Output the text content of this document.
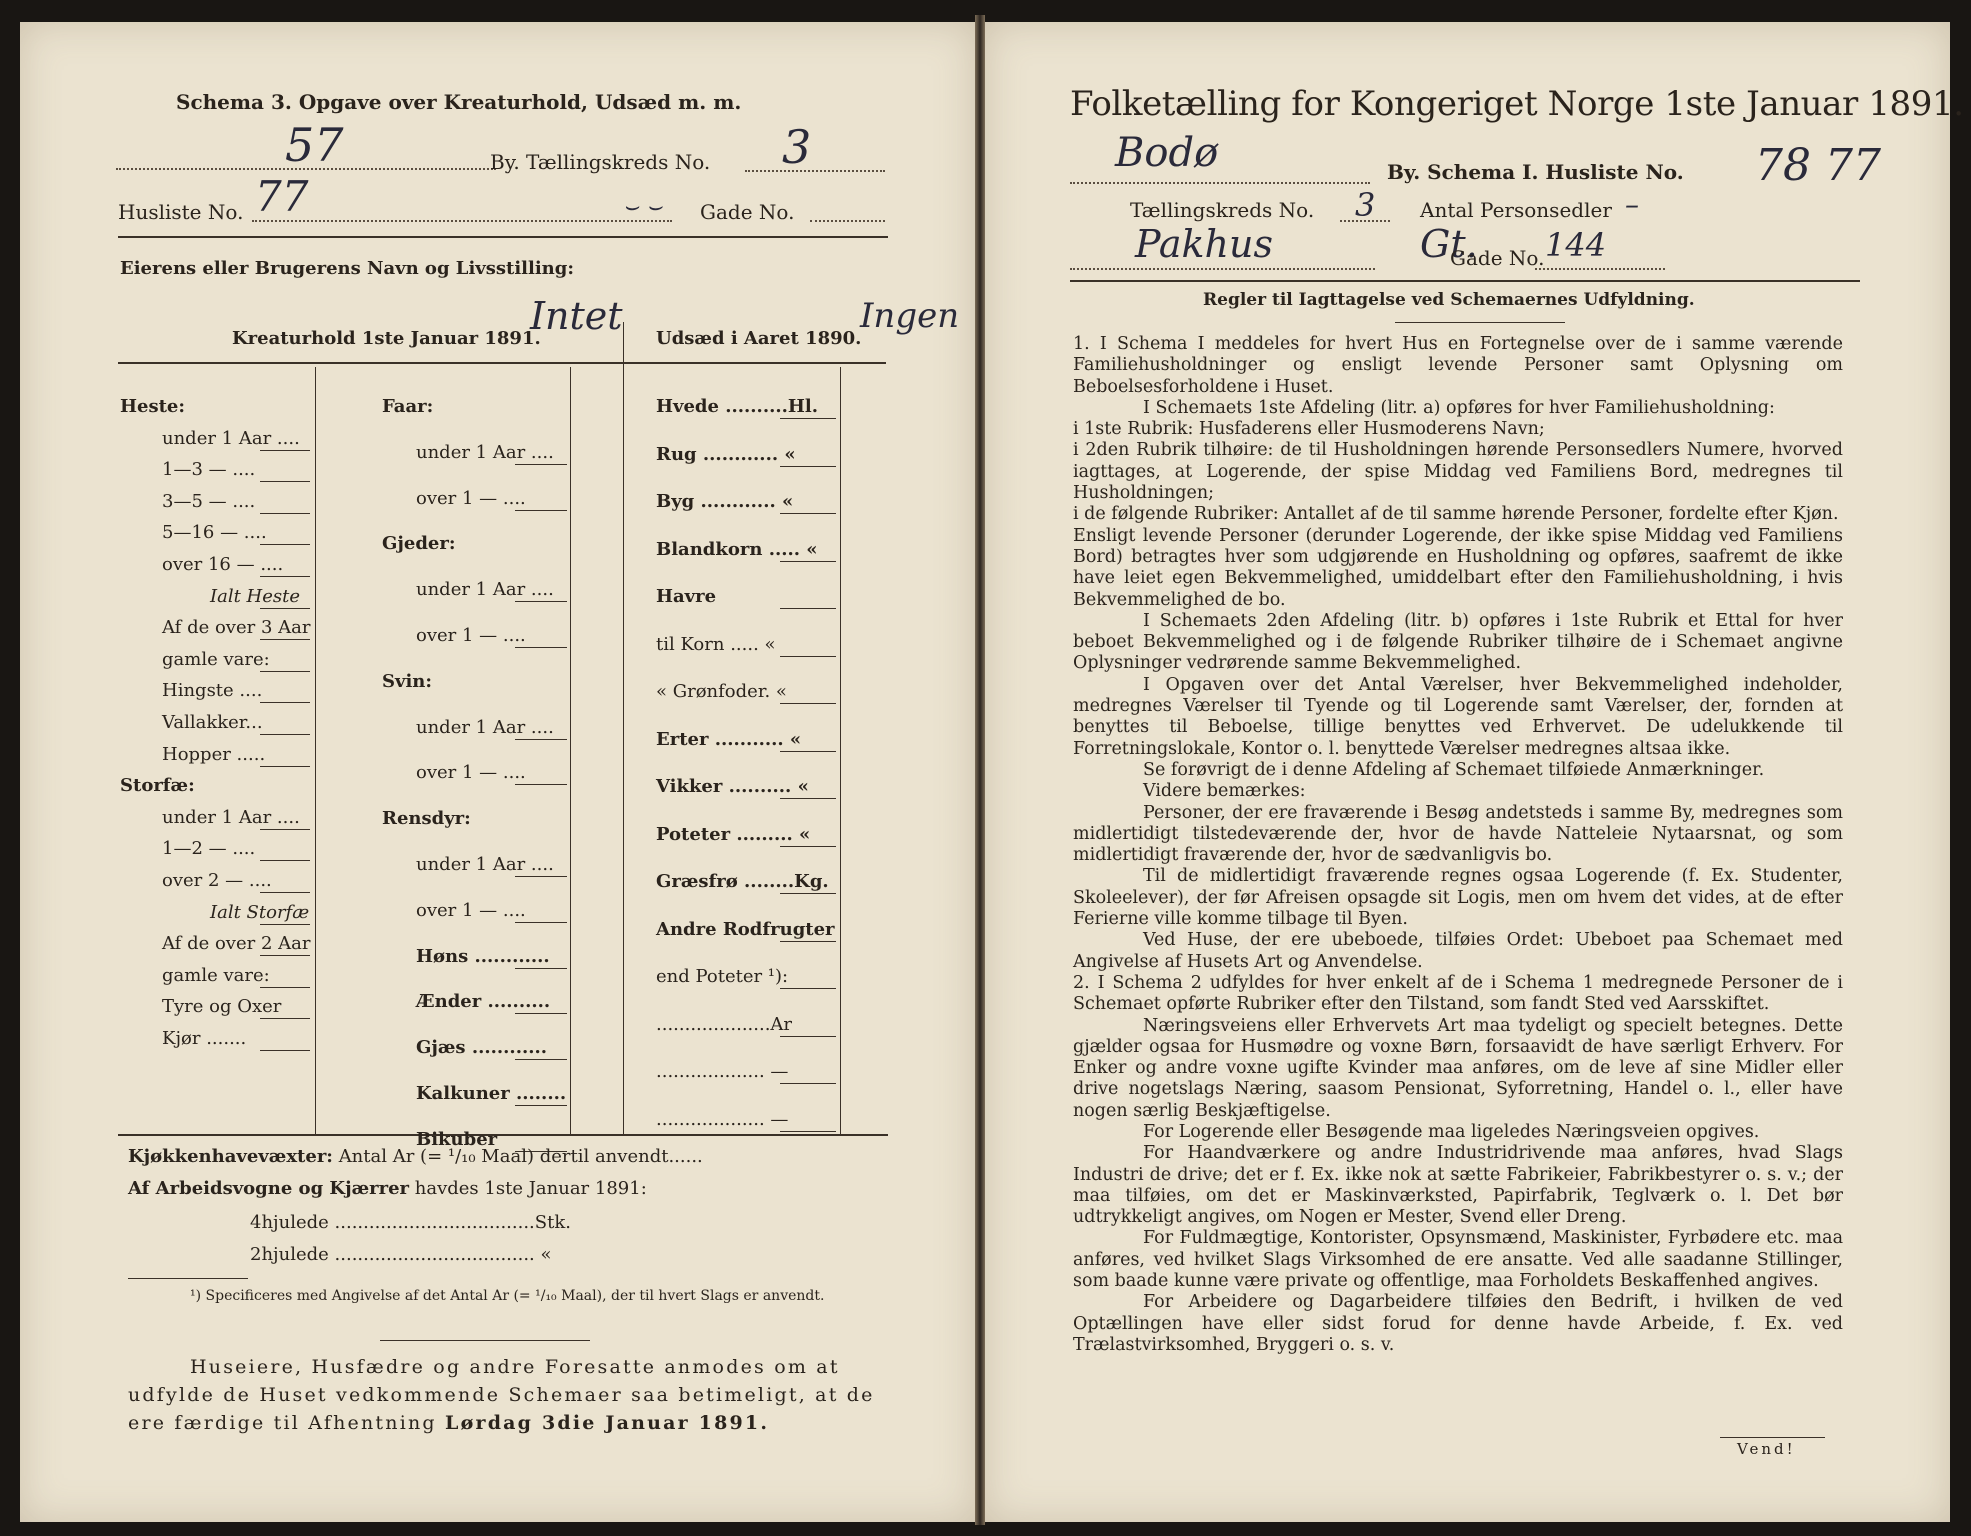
Schema 3. Opgave over Kreaturhold, Udsæd m. m.
57	By. Tællingskreds No. 3
Husliste No. 77	⌣ ⌣ Gade No.
Eierens eller Brugerens Navn og Livsstilling:
Kreaturhold 1ste Januar 1891.
Intet
Udsæd i Aaret 1890.
Ingen
Heste:
under 1 Aar ....
1—3 — ....
3—5 — ....
5—16 — ....
over 16 — ....
Ialt Heste
Af de over 3 Aar
gamle vare:
Hingste ....
Vallakker...
Hopper .....
Storfæ:
under 1 Aar ....
1—2 — ....
over 2 — ....
Ialt Storfæ
Af de over 2 Aar
gamle vare:
Tyre og Oxer
Kjør .......
Faar:
under 1 Aar ....
over 1 — ....
Gjeder:
under 1 Aar ....
over 1 — ....
Svin:
under 1 Aar ....
over 1 — ....
Rensdyr:
under 1 Aar ....
over 1 — ....
Høns ............
Ænder ..........
Gjæs ............
Kalkuner ........
Bikuber
Hvede ..........Hl.
Rug ............ «
Byg ............ «
Blandkorn ..... «
Havre
til Korn ..... «
« Grønfoder. «
Erter ........... «
Vikker .......... «
Poteter ......... «
Græsfrø ........Kg.
Andre Rodfrugter
end Poteter ¹):
....................Ar
................... —
................... —
Kjøkkenhavevæxter: Antal Ar (= ¹/₁₀ Maal) dertil anvendt......
Af Arbeidsvogne og Kjærrer havdes 1ste Januar 1891:
4hjulede ...................................Stk.
2hjulede ................................... «
¹) Specificeres med Angivelse af det Antal Ar (= ¹/₁₀ Maal), der til hvert Slags er anvendt.
Huseiere, Husfædre og andre Foresatte anmodes om at
udfylde de Huset vedkommende Schemaer saa betimeligt, at de
ere færdige til Afhentning Lørdag 3die Januar 1891.
Folketælling for Kongeriget Norge 1ste Januar 1891.
Bodø	By. Schema I. Husliste No. 78 77
Tællingskreds No. 3 Antal Personsedler –
Pakhus	Gt.
Gade No. 144
Regler til Iagttagelse ved Schemaernes Udfyldning.

1. I Schema I meddeles for hvert Hus en Fortegnelse over de i samme værende Familiehusholdninger og ensligt levende Personer samt Oplysning om Beboelsesforholdene i Huset.

I Schemaets 1ste Afdeling (litr. a) opføres for hver Familiehusholdning:

i 1ste Rubrik: Husfaderens eller Husmoderens Navn;

i 2den Rubrik tilhøire: de til Husholdningen hørende Personsedlers Numere, hvorved iagttages, at Logerende, der spise Middag ved Familiens Bord, medregnes til Husholdningen;

i de følgende Rubriker: Antallet af de til samme hørende Personer, fordelte efter Kjøn.

Ensligt levende Personer (derunder Logerende, der ikke spise Middag ved Familiens Bord) betragtes hver som udgjørende en Husholdning og opføres, saafremt de ikke have leiet egen Bekvemmelighed, umiddelbart efter den Familiehusholdning, i hvis Bekvemmelighed de bo.

I Schemaets 2den Afdeling (litr. b) opføres i 1ste Rubrik et Ettal for hver beboet Bekvemmelighed og i de følgende Rubriker tilhøire de i Schemaet angivne Oplysninger vedrørende samme Bekvemmelighed.

I Opgaven over det Antal Værelser, hver Bekvemmelighed indeholder, medregnes Værelser til Tyende og til Logerende samt Værelser, der, fornden at benyttes til Beboelse, tillige benyttes ved Erhvervet. De udelukkende til Forretningslokale, Kontor o. l. benyttede Værelser medregnes altsaa ikke.

Se forøvrigt de i denne Afdeling af Schemaet tilføiede Anmærkninger.

Videre bemærkes:

Personer, der ere fraværende i Besøg andetsteds i samme By, medregnes som midlertidigt tilstedeværende der, hvor de havde Natteleie Nytaarsnat, og som midlertidigt fraværende der, hvor de sædvanligvis bo.

Til de midlertidigt fraværende regnes ogsaa Logerende (f. Ex. Studenter, Skoleelever), der før Afreisen opsagde sit Logis, men om hvem det vides, at de efter Ferierne ville komme tilbage til Byen.

Ved Huse, der ere ubeboede, tilføies Ordet: Ubeboet paa Schemaet med Angivelse af Husets Art og Anvendelse.

2. I Schema 2 udfyldes for hver enkelt af de i Schema 1 medregnede Personer de i Schemaet opførte Rubriker efter den Tilstand, som fandt Sted ved Aarsskiftet.

Næringsveiens eller Erhvervets Art maa tydeligt og specielt betegnes. Dette gjælder ogsaa for Husmødre og voxne Børn, forsaavidt de have særligt Erhverv. For Enker og andre voxne ugifte Kvinder maa anføres, om de leve af sine Midler eller drive nogetslags Næring, saasom Pensionat, Syforretning, Handel o. l., eller have nogen særlig Beskjæftigelse.

For Logerende eller Besøgende maa ligeledes Næringsveien opgives.

For Haandværkere og andre Industridrivende maa anføres, hvad Slags Industri de drive; det er f. Ex. ikke nok at sætte Fabrikeier, Fabrikbestyrer o. s. v.; der maa tilføies, om det er Maskinværksted, Papirfabrik, Teglværk o. l. Det bør udtrykkeligt angives, om Nogen er Mester, Svend eller Dreng.

For Fuldmægtige, Kontorister, Opsynsmænd, Maskinister, Fyrbødere etc. maa anføres, ved hvilket Slags Virksomhed de ere ansatte. Ved alle saadanne Stillinger, som baade kunne være private og offentlige, maa Forholdets Beskaffenhed angives.

For Arbeidere og Dagarbeidere tilføies den Bedrift, i hvilken de ved Optællingen have eller sidst forud for denne havde Arbeide, f. Ex. ved Trælastvirksomhed, Bryggeri o. s. v.

Vend!
